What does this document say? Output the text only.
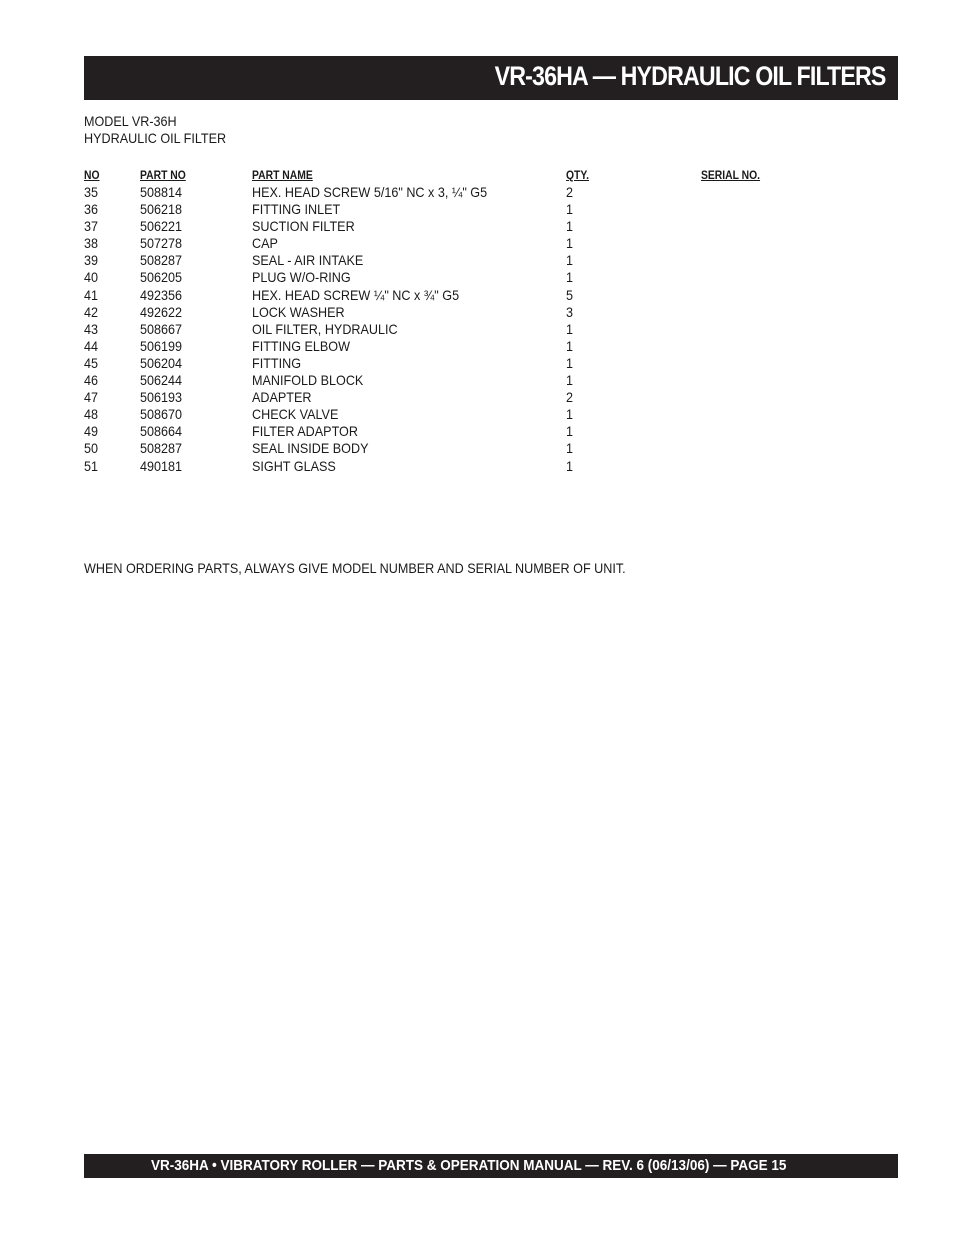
VR-36HA — HYDRAULIC OIL FILTERS
MODEL VR-36H
HYDRAULIC OIL FILTER
NO	PART NO	PART NAME	QTY.	SERIAL NO.
35	508814	HEX. HEAD SCREW 5/16" NC x 3, ¼" G5	2
36	506218	FITTING INLET	1
37	506221	SUCTION FILTER	1
38	507278	CAP	1
39	508287	SEAL - AIR INTAKE	1
40	506205	PLUG W/O-RING	1
41	492356	HEX. HEAD SCREW ¼" NC x ¾" G5	5
42	492622	LOCK WASHER	3
43	508667	OIL FILTER, HYDRAULIC	1
44	506199	FITTING ELBOW	1
45	506204	FITTING	1
46	506244	MANIFOLD BLOCK	1
47	506193	ADAPTER	2
48	508670	CHECK VALVE	1
49	508664	FILTER ADAPTOR	1
50	508287	SEAL INSIDE BODY	1
51	490181	SIGHT GLASS	1
WHEN ORDERING PARTS, ALWAYS GIVE MODEL NUMBER AND SERIAL NUMBER OF UNIT.
VR-36HA • VIBRATORY ROLLER — PARTS & OPERATION MANUAL — REV. 6 (06/13/06) — PAGE 15
